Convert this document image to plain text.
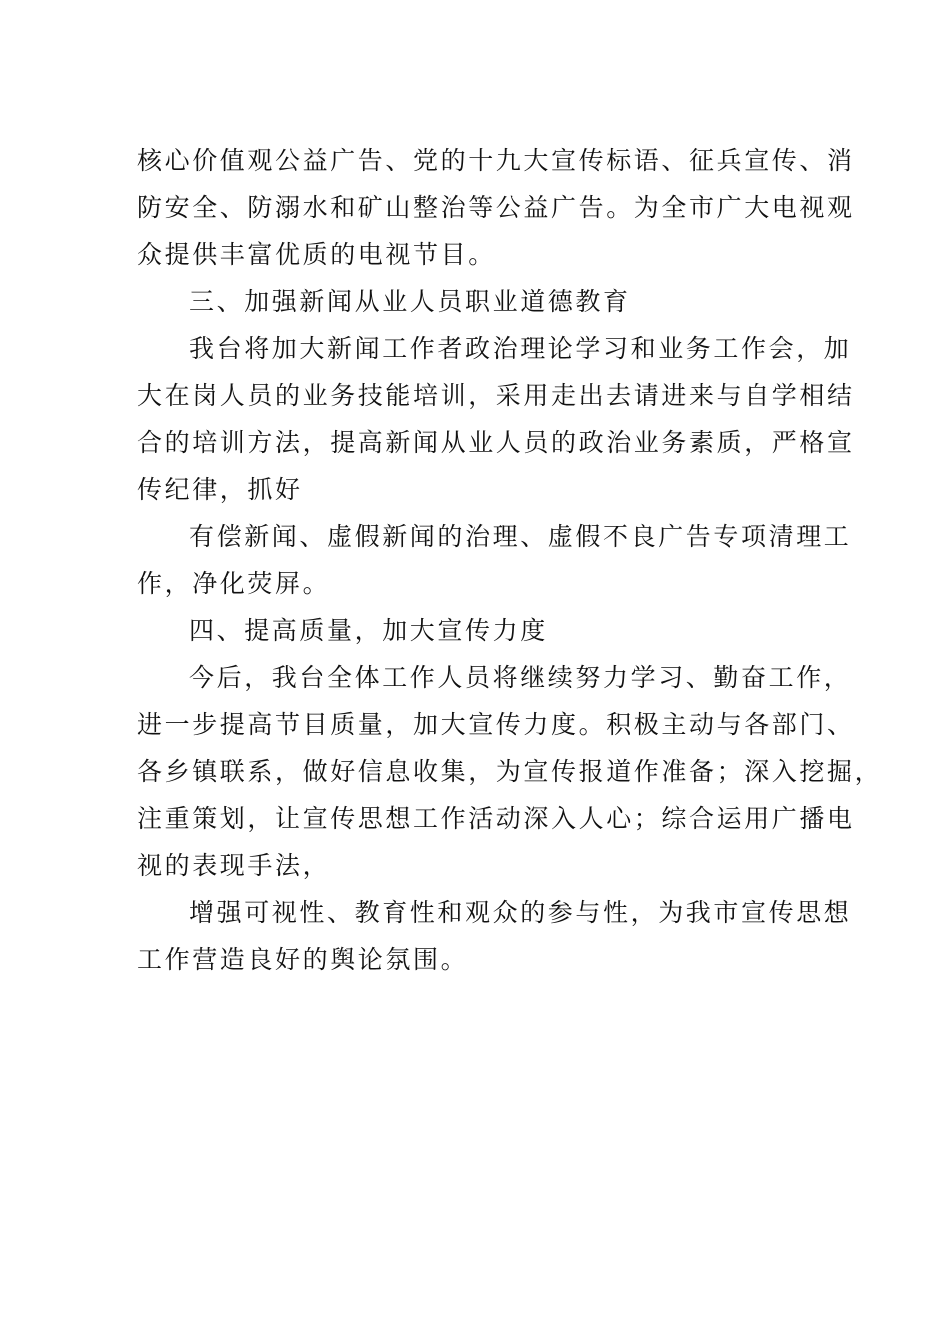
核心价值观公益广告、党的十九大宣传标语、征兵宣传、消
防安全、防溺水和矿山整治等公益广告。为全市广大电视观
众提供丰富优质的电视节目。
三、加强新闻从业人员职业道德教育
我台将加大新闻工作者政治理论学习和业务工作会，加
大在岗人员的业务技能培训，采用走出去请进来与自学相结
合的培训方法，提高新闻从业人员的政治业务素质，严格宣
传纪律，抓好
有偿新闻、虚假新闻的治理、虚假不良广告专项清理工
作，净化荧屏。
四、提高质量，加大宣传力度
今后，我台全体工作人员将继续努力学习、勤奋工作，
进一步提高节目质量，加大宣传力度。积极主动与各部门、
各乡镇联系，做好信息收集，为宣传报道作准备；深入挖掘，
注重策划，让宣传思想工作活动深入人心；综合运用广播电
视的表现手法，
增强可视性、教育性和观众的参与性，为我市宣传思想
工作营造良好的舆论氛围。
